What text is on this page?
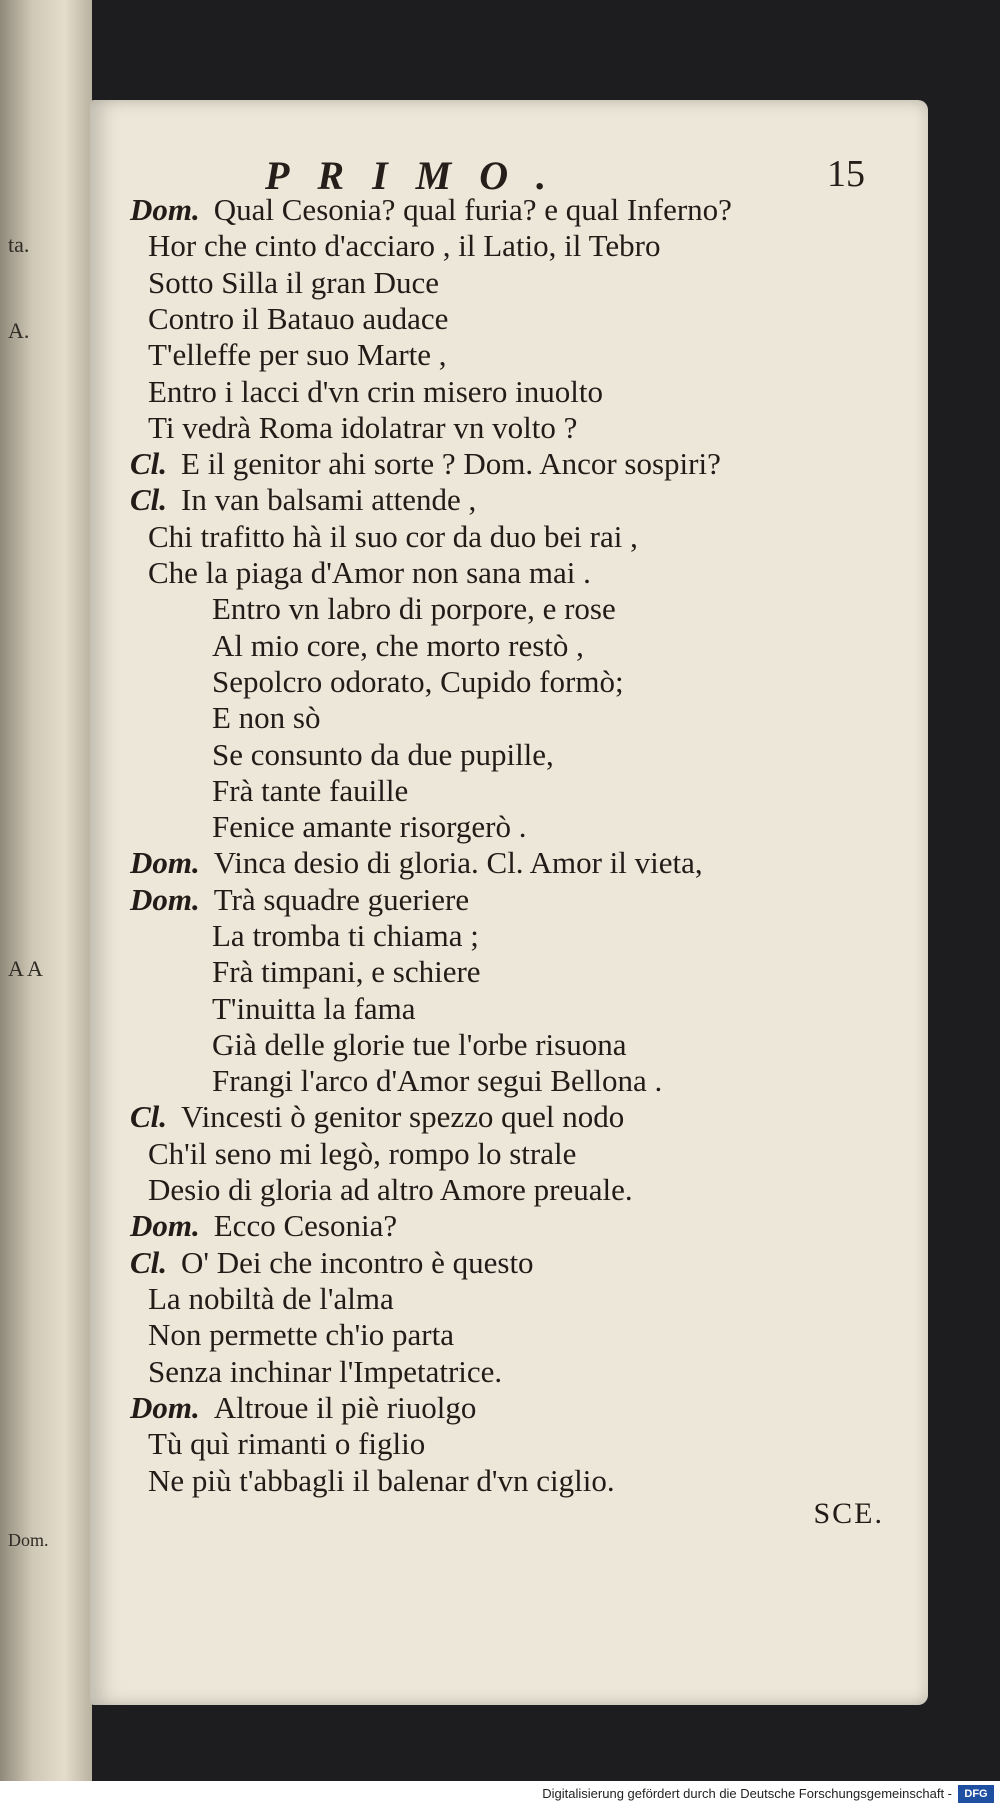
ta.
A.
A A
Dom.
PRIMO.	15
Dom. Qual Cesonia? qual furia? e qual Inferno?
Hor che cinto d'acciaro , il Latio, il Tebro
Sotto Silla il gran Duce
Contro il Batauo audace
T'elleffe per suo Marte ,
Entro i lacci d'vn crin misero inuolto
Ti vedrà Roma idolatrar vn volto ?
Cl. E il genitor ahi sorte ? Dom. Ancor sospiri?
Cl. In van balsami attende ,
Chi trafitto hà il suo cor da duo bei rai ,
Che la piaga d'Amor non sana mai .
Entro vn labro di porpore, e rose
Al mio core, che morto restò ,
Sepolcro odorato, Cupido formò;
E non sò
Se consunto da due pupille,
Frà tante fauille
Fenice amante risorgerò .
Dom. Vinca desio di gloria. Cl. Amor il vieta,
Dom. Trà squadre gueriere
La tromba ti chiama ;
Frà timpani, e schiere
T'inuitta la fama
Già delle glorie tue l'orbe risuona
Frangi l'arco d'Amor segui Bellona .
Cl. Vincesti ò genitor spezzo quel nodo
Ch'il seno mi legò, rompo lo strale
Desio di gloria ad altro Amore preuale.
Dom. Ecco Cesonia?
Cl. O' Dei che incontro è questo
La nobiltà de l'alma
Non permette ch'io parta
Senza inchinar l'Impetatrice.
Dom. Altroue il piè riuolgo
Tù quì rimanti o figlio
Ne più t'abbagli il balenar d'vn ciglio.
SCE.
Digitalisierung gefördert durch die Deutsche Forschungsgemeinschaft -	DFG
